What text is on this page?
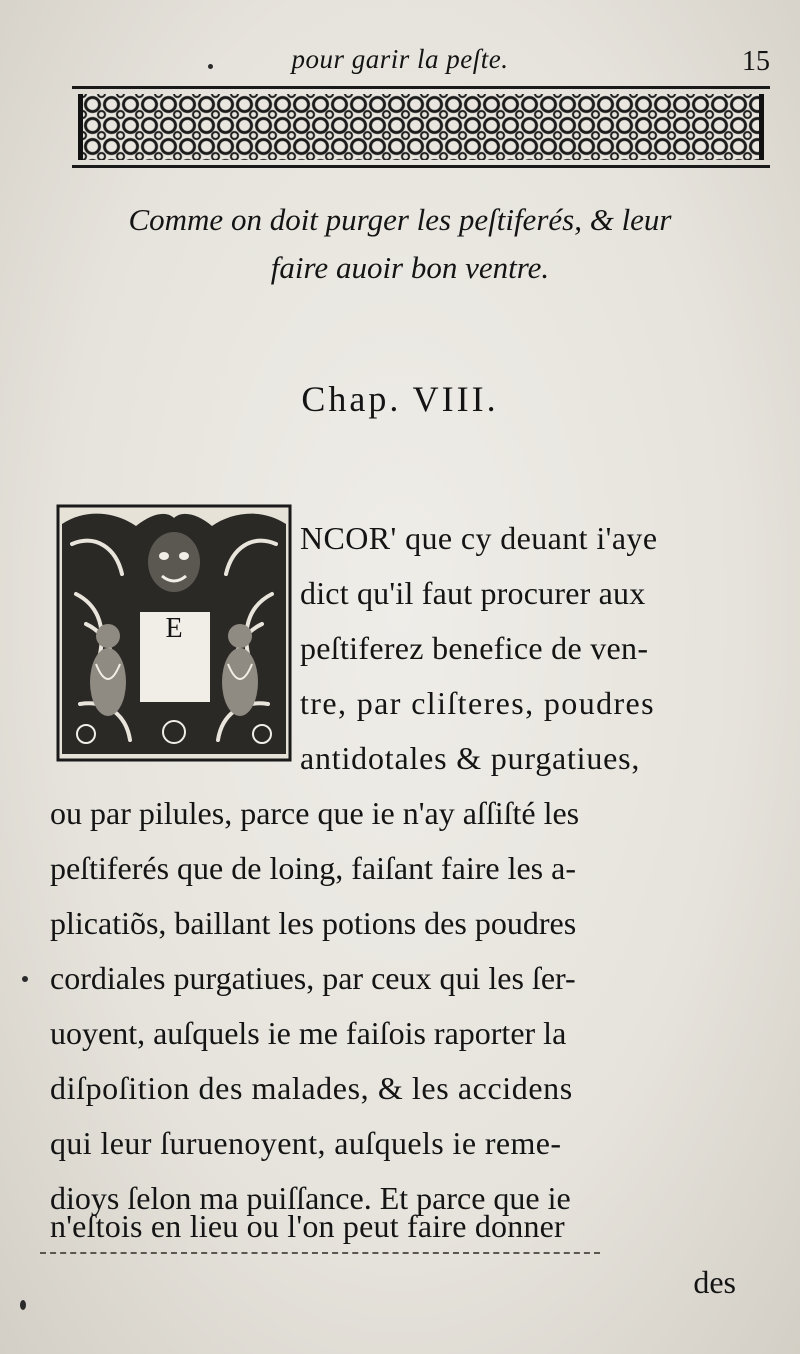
pour garir la peſte.	15
Comme on doit purger les peſtiferés, & leur
faire auoir bon ventre.
Chap. VIII.
E
NCOR' que cy deuant i'aye
dict qu'il faut procurer aux
peſtiferez benefice de ven-
tre, par cliſteres, poudres
antidotales & purgatiues,
ou par pilules, parce que ie n'ay aſſiſté les
peſtiferés que de loing, faiſant faire les a-
plicatiõs, baillant les potions des poudres
cordiales purgatiues, par ceux qui les ſer-
uoyent, auſquels ie me faiſois raporter la
diſpoſition des malades, & les accidens
qui leur ſuruenoyent, auſquels ie reme-
dioys ſelon ma puiſſance. Et parce que ie
n'eſtois en lieu ou l'on peut faire donner
des
